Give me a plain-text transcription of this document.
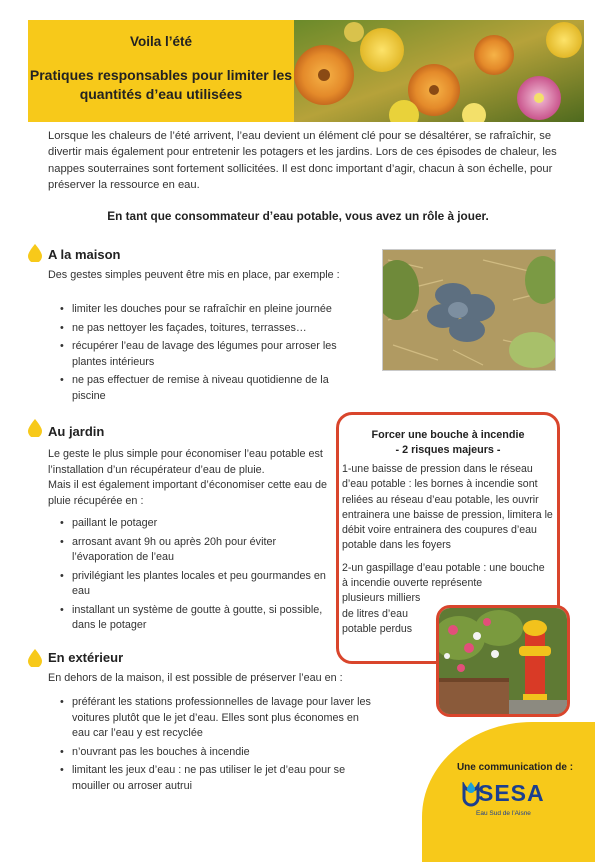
Voila l’été
Pratiques responsables pour limiter les quantités d’eau utilisées
Lorsque les chaleurs de l’été arrivent, l’eau devient un élément clé pour se désaltérer, se rafraîchir, se divertir mais également pour entretenir les potagers et les jardins. Lors de ces épisodes de chaleur, les nappes souterraines sont fortement sollicitées. Il est donc important d’agir, chacun à son échelle, pour préserver la ressource en eau.
En tant que consommateur d’eau potable, vous avez un rôle à jouer.
A la maison
Des gestes simples peuvent être mis en place, par exemple :
• limiter les douches pour se rafraîchir en pleine journée
• ne pas nettoyer les façades, toitures, terrasses…
• récupérer l’eau de lavage des légumes pour arroser les plantes intérieurs
• ne pas effectuer de remise à niveau quotidienne de la piscine
Au jardin
Le geste le plus simple pour économiser l’eau potable est l’installation d’un récupérateur d’eau de pluie.
Mais il est également important d’économiser cette eau de pluie récupérée en :
• paillant le potager
• arrosant avant 9h ou après 20h pour éviter l’évaporation de l’eau
• privilégiant les plantes locales et peu gourmandes en eau
• installant un système de goutte à goutte, si possible, dans le potager
Forcer une bouche à incendie
- 2 risques majeurs -
1-une baisse de pression dans le réseau d’eau potable : les bornes à incendie sont reliées au réseau d’eau potable, les ouvrir entrainera une baisse de pression, limitera le débit voire entrainera des coupures d’eau potable dans les foyers
2-un gaspillage d’eau potable : une bouche à incendie ouverte représente
plusieurs milliers
de litres d’eau
potable perdus
En extérieur
En dehors de la maison, il est possible de préserver l’eau en :
• préférant les stations professionnelles de lavage pour laver les voitures plutôt que le jet d’eau. Elles sont plus économes en eau car l’eau y est recyclée
• n’ouvrant pas les bouches à incendie
• limitant les jeux d’eau : ne pas utiliser le jet d’eau pour se mouiller ou arroser autrui
Une communication de :
SESA
Eau Sud de l’Aisne
